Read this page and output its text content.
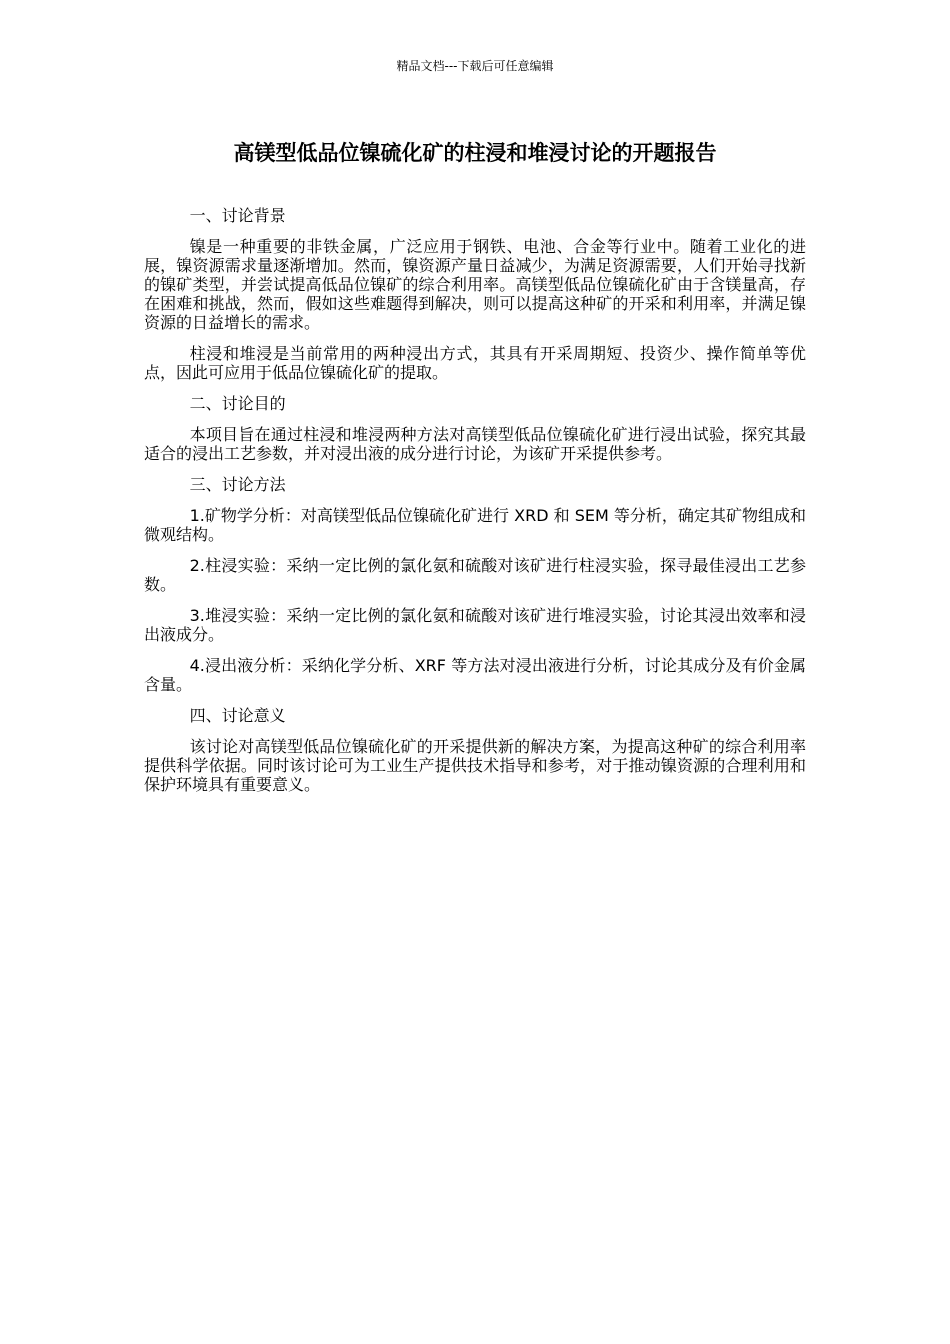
精品文档---下载后可任意编辑
高镁型低品位镍硫化矿的柱浸和堆浸讨论的开题报告

一、讨论背景

镍是一种重要的非铁金属，广泛应用于钢铁、电池、合金等行业中。随着工业化的进展，镍资源需求量逐渐增加。然而，镍资源产量日益减少，为满足资源需要，人们开始寻找新的镍矿类型，并尝试提高低品位镍矿的综合利用率。高镁型低品位镍硫化矿由于含镁量高，存在困难和挑战，然而，假如这些难题得到解决，则可以提高这种矿的开采和利用率，并满足镍资源的日益增长的需求。

柱浸和堆浸是当前常用的两种浸出方式，其具有开采周期短、投资少、操作简单等优点，因此可应用于低品位镍硫化矿的提取。

二、讨论目的

本项目旨在通过柱浸和堆浸两种方法对高镁型低品位镍硫化矿进行浸出试验，探究其最适合的浸出工艺参数，并对浸出液的成分进行讨论，为该矿开采提供参考。

三、讨论方法

1.矿物学分析：对高镁型低品位镍硫化矿进行 XRD 和 SEM 等分析，确定其矿物组成和微观结构。

2.柱浸实验：采纳一定比例的氯化氨和硫酸对该矿进行柱浸实验，探寻最佳浸出工艺参数。

3.堆浸实验：采纳一定比例的氯化氨和硫酸对该矿进行堆浸实验，讨论其浸出效率和浸出液成分。

4.浸出液分析：采纳化学分析、XRF 等方法对浸出液进行分析，讨论其成分及有价金属含量。

四、讨论意义

该讨论对高镁型低品位镍硫化矿的开采提供新的解决方案，为提高这种矿的综合利用率提供科学依据。同时该讨论可为工业生产提供技术指导和参考，对于推动镍资源的合理利用和保护环境具有重要意义。
